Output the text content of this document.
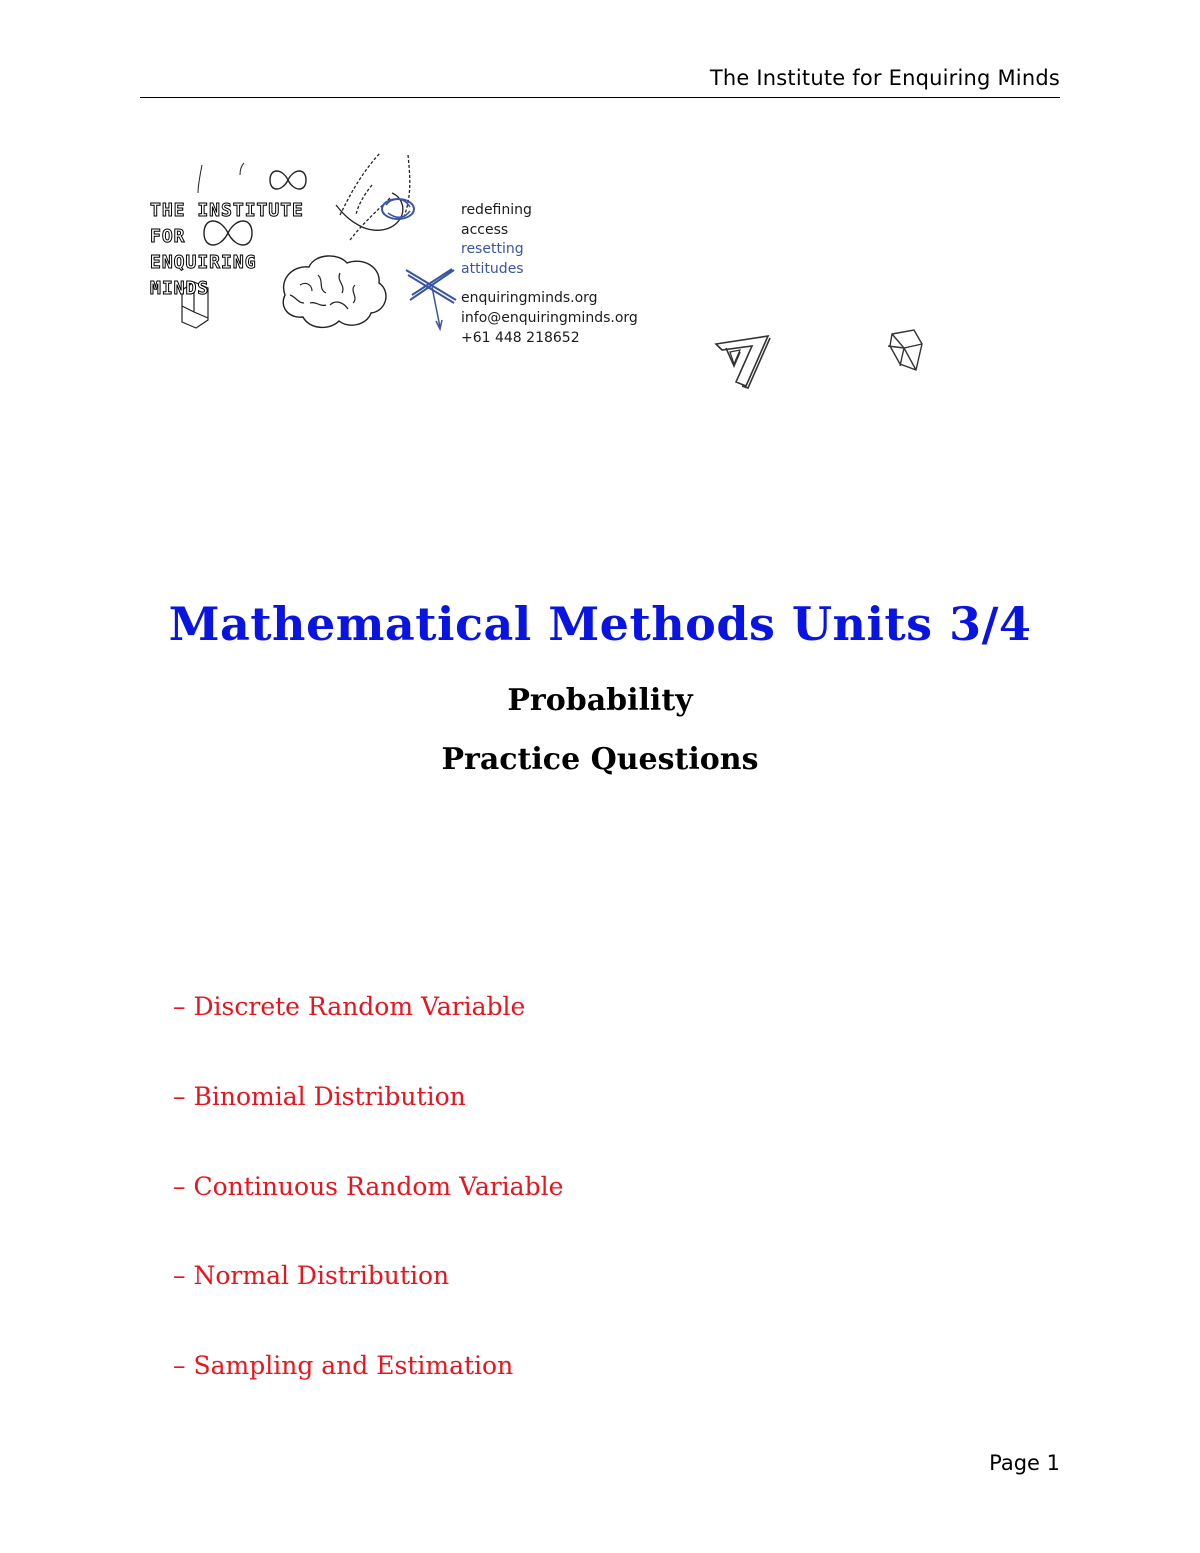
The Institute for Enquiring Minds
THE INSTITUTE
FOR
ENQUIRING
MINDS
redefining
access
resetting
attitudes
enquiringminds.org
info@enquiringminds.org
+61 448 218652
Mathematical Methods Units 3/4
Probability
Practice Questions
– Discrete Random Variable
– Binomial Distribution
– Continuous Random Variable
– Normal Distribution
– Sampling and Estimation
Page 1
